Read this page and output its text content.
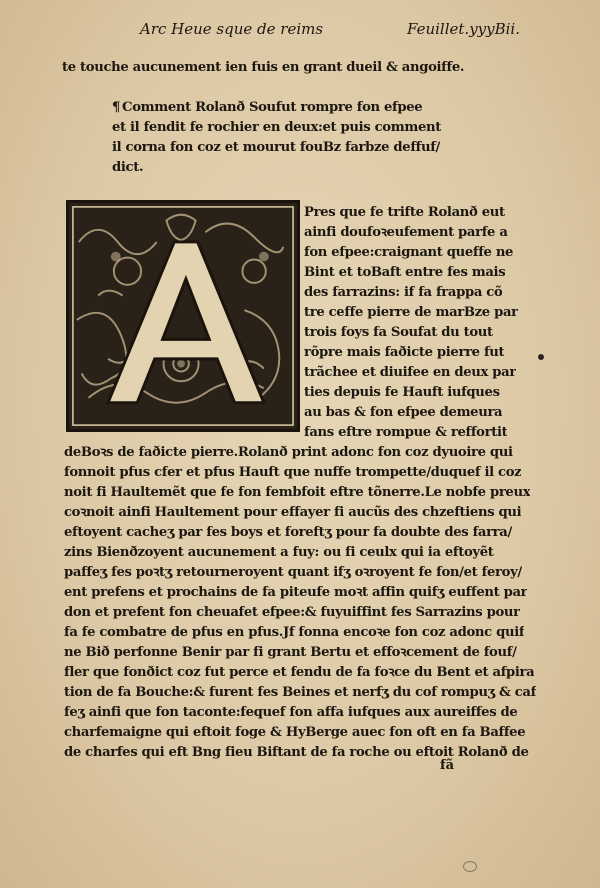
Arc Heue sque de reims	Feuillet.yyyBii.
te touche aucunement ien fuis en grant dueil & angoiffe.
¶ Comment Rolanð Soufut rompre fon efpee
et il fendit fe rochier en deux:et puis comment
il corna fon coz et mourut fouBz farbze deffuf/
dict.
Pres que fe trifte Rolanð eut
ainfi doufoꝛeufement parfe a
fon efpee:craignant queffe ne
Bint et toBaft entre fes mais
des farrazins: if fa frappa cõ
tre ceffe pierre de marBze par
trois foys fa Soufat du tout
rõpre mais faðicte pierre fut
trãchee et diuifee en deux par
ties depuis fe Hauft iufques
au bas & fon efpee demeura
fans eftre rompue & reffortit
deBoꝛs de faðicte pierre.Rolanð print adonc fon coz dyuoire qui
fonnoit pfus cfer et pfus Hauft que nuffe trompette/duquef il coz
noit fi Haultemẽt que fe fon fembfoit eftre tõnerre.Le nobfe preux
coꝛnoit ainfi Haultement pour effayer fi aucũs des chzeftiens qui
eftoyent cacheʒ par fes boys et foreftʒ pour fa doubte des farra/
zins Bienðzoyent aucunement a fuy: ou fi ceulx qui ia eftoyẽt
paffeʒ fes poꝛtʒ retourneroyent quant ifʒ oꝛroyent fe fon/et feroy/
ent prefens et prochains de fa piteufe moꝛt affin quifʒ euffent par
don et prefent fon cheuafet efpee:& fuyuiffint fes Sarrazins pour
fa fe combatre de pfus en pfus.Jf fonna encoꝛe fon coz adonc quif
ne Bið perfonne Benir par fi grant Bertu et effoꝛcement de fouf/
fler que fonðict coz fut perce et fendu de fa foꝛce du Bent et afpira
tion de fa Bouche:& furent fes Beines et nerfʒ du cof rompuʒ & caf
feʒ ainfi que fon taconte:fequef fon affa iufques aux aureiffes de
charfemaigne qui eftoit foge & HyBerge auec fon oft en fa Baffee
de charfes qui eft Bng fieu Biftant de fa roche ou eftoit Rolanð de
fã
